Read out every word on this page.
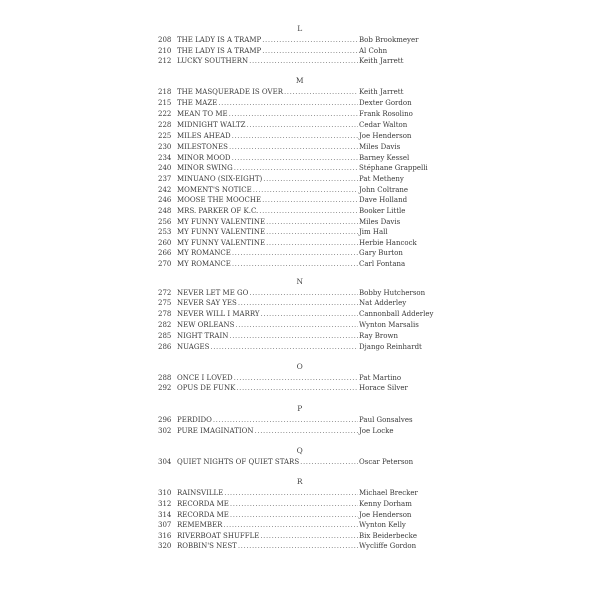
L
208 THE LADY IS A TRAMP .....	Bob Brookmeyer
210 THE LADY IS A TRAMP .....	Al Cohn
212 LUCKY SOUTHERN .....	Keith Jarrett
M
218 THE MASQUERADE IS OVER .....	Keith Jarrett
215 THE MAZE .....	Dexter Gordon
222 MEAN TO ME .....	Frank Rosolino
228 MIDNIGHT WALTZ .....	Cedar Walton
225 MILES AHEAD .....	Joe Henderson
230 MILESTONES .....	Miles Davis
234 MINOR MOOD .....	Barney Kessel
240 MINOR SWING .....	Stéphane Grappelli
237 MINUANO (SIX-EIGHT) .....	Pat Metheny
242 MOMENT'S NOTICE .....	John Coltrane
246 MOOSE THE MOOCHE .....	Dave Holland
248 MRS. PARKER OF K.C. .....	Booker Little
256 MY FUNNY VALENTINE .....	Miles Davis
253 MY FUNNY VALENTINE .....	Jim Hall
260 MY FUNNY VALENTINE .....	Herbie Hancock
266 MY ROMANCE .....	Gary Burton
270 MY ROMANCE .....	Carl Fontana
N
272 NEVER LET ME GO .....	Bobby Hutcherson
275 NEVER SAY YES .....	Nat Adderley
278 NEVER WILL I MARRY .....	Cannonball Adderley
282 NEW ORLEANS .....	Wynton Marsalis
285 NIGHT TRAIN .....	Ray Brown
286 NUAGES .....	Django Reinhardt
O
288 ONCE I LOVED .....	Pat Martino
292 OPUS DE FUNK .....	Horace Silver
P
296 PERDIDO .....	Paul Gonsalves
302 PURE IMAGINATION .....	Joe Locke
Q
304 QUIET NIGHTS OF QUIET STARS .....	Oscar Peterson
R
310 RAINSVILLE .....	Michael Brecker
312 RECORDA ME .....	Kenny Dorham
314 RECORDA ME .....	Joe Henderson
307 REMEMBER .....	Wynton Kelly
316 RIVERBOAT SHUFFLE .....	Bix Beiderbecke
320 ROBBIN'S NEST .....	Wycliffe Gordon
